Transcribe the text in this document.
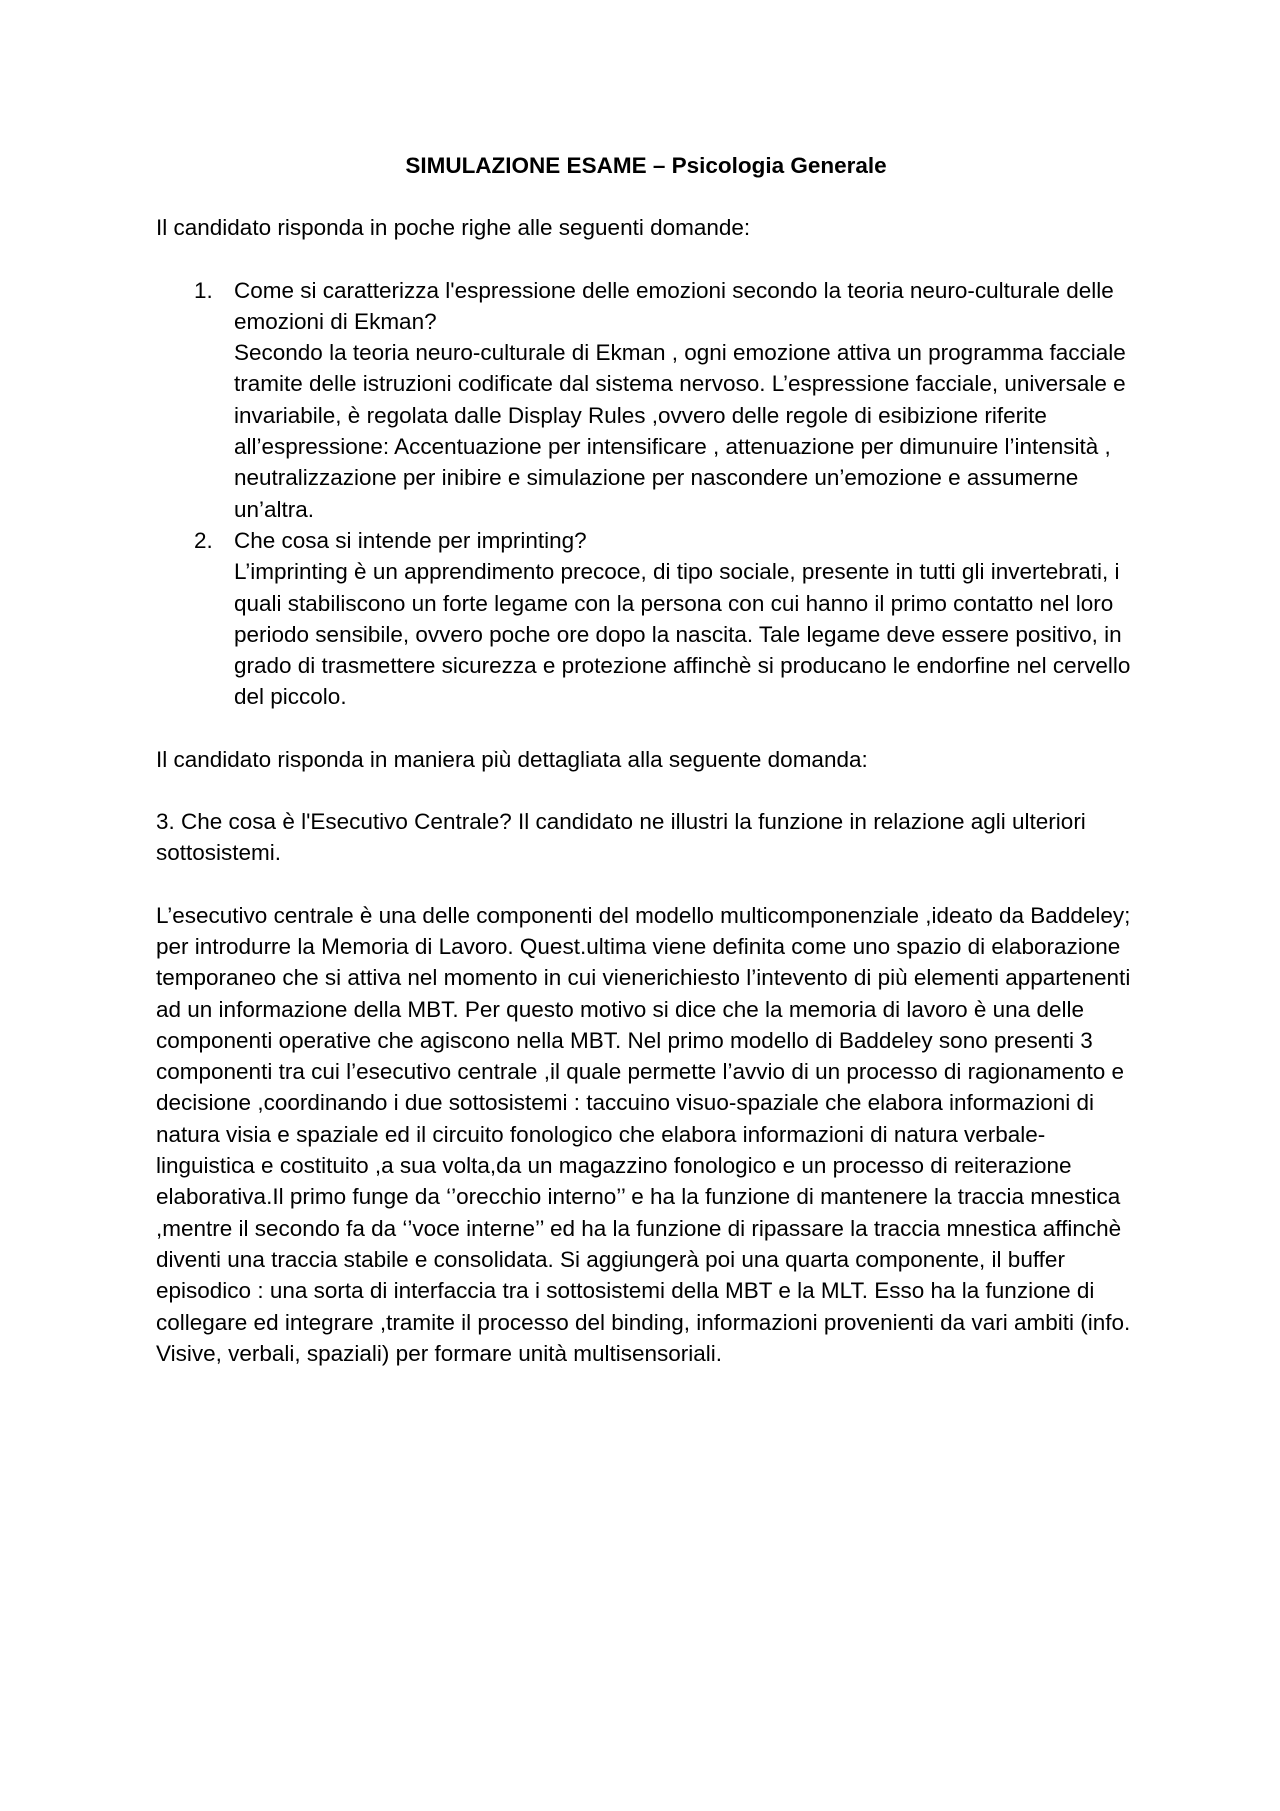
SIMULAZIONE ESAME – Psicologia Generale

Il candidato risponda in poche righe alle seguenti domande:

1. Come si caratterizza l'espressione delle emozioni secondo la teoria neuro-culturale delle emozioni di Ekman?

Secondo la teoria neuro-culturale di Ekman , ogni emozione attiva un programma facciale tramite delle istruzioni codificate dal sistema nervoso. L’espressione facciale, universale e invariabile, è regolata dalle Display Rules ,ovvero delle regole di esibizione riferite all’espressione: Accentuazione per intensificare , attenuazione per dimunuire l’intensità , neutralizzazione per inibire e simulazione per nascondere un’emozione e assumerne un’altra.

2. Che cosa si intende per imprinting?

L’imprinting è un apprendimento precoce, di tipo sociale, presente in tutti gli invertebrati, i quali stabiliscono un forte legame con la persona con cui hanno il primo contatto nel loro periodo sensibile, ovvero poche ore dopo la nascita. Tale legame deve essere positivo, in grado di trasmettere sicurezza e protezione affinchè si producano le endorfine nel cervello del piccolo.

Il candidato risponda in maniera più dettagliata alla seguente domanda:

3. Che cosa è l'Esecutivo Centrale? Il candidato ne illustri la funzione in relazione agli ulteriori sottosistemi.

L’esecutivo centrale è una delle componenti del modello multicomponenziale ,ideato da Baddeley; per introdurre la Memoria di Lavoro. Quest.ultima viene definita come uno spazio di elaborazione temporaneo che si attiva nel momento in cui vienerichiesto l’intevento di più elementi appartenenti ad un informazione della MBT. Per questo motivo si dice che la memoria di lavoro è una delle componenti operative che agiscono nella MBT. Nel primo modello di Baddeley sono presenti 3 componenti tra cui l’esecutivo centrale ,il quale permette l’avvio di un processo di ragionamento e decisione ,coordinando i due sottosistemi : taccuino visuo-spaziale che elabora informazioni di natura visia e spaziale ed il circuito fonologico che elabora informazioni di natura verbale-linguistica e costituito ,a sua volta,da un magazzino fonologico e un processo di reiterazione elaborativa.Il primo funge da ‘’orecchio interno’’ e ha la funzione di mantenere la traccia mnestica ,mentre il secondo fa da ‘’voce interne’’ ed ha la funzione di ripassare la traccia mnestica affinchè diventi una traccia stabile e consolidata. Si aggiungerà poi una quarta componente, il buffer episodico : una sorta di interfaccia tra i sottosistemi della MBT e la MLT. Esso ha la funzione di collegare ed integrare ,tramite il processo del binding, informazioni provenienti da vari ambiti (info. Visive, verbali, spaziali) per formare unità multisensoriali.
